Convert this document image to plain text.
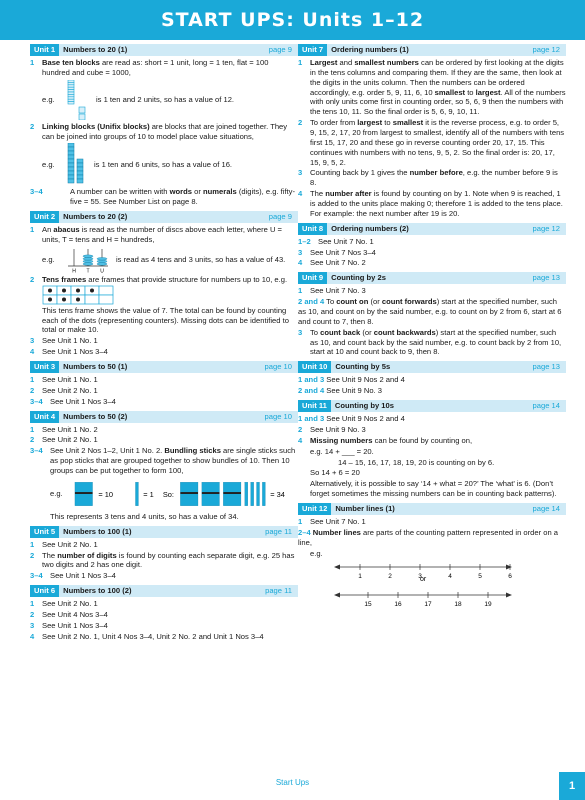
START UPS: Units 1–12
Unit 1	Numbers to 20 (1)	page 9
1	Base ten blocks are read as: short = 1 unit, long = 1 ten, flat = 100 hundred and cube = 1000,
e.g.	is 1 ten and 2 units, so has a value of 12.
2	Linking blocks (Unifix blocks) are blocks that are joined together. They can be joined into groups of 10 to model place value situations,
e.g.	is 1 ten and 6 units, so has a value of 16.
3–4	A number can be written with words or numerals (digits), e.g. fifty-five = 55. See Number List on page 8.
Unit 2	Numbers to 20 (2)	page 9
1	An abacus is read as the number of discs above each letter, where U = units, T = tens and H = hundreds,
e.g.
H T U
is read as 4 tens and 3 units, so has a value of 43.
2	Tens frames are frames that provide structure for numbers up to 10, e.g.
This tens frame shows the value of 7. The total can be found by counting each of the dots (representing counters). Missing dots can be identified to total or make 10.
3	See Unit 1 No. 1
4	See Unit 1 Nos 3–4
Unit 3	Numbers to 50 (1)	page 10
1	See Unit 1 No. 1
2	See Unit 2 No. 1
3–4 See Unit 1 Nos 3–4
Unit 4	Numbers to 50 (2)	page 10
1	See Unit 1 No. 2
2	See Unit 2 No. 1
3–4 See Unit 2 Nos 1–2, Unit 1 No. 2. Bundling sticks are single sticks such as pop sticks that are grouped together to show bundles of 10. Then 10 groups can be put together to form 100,
e.g.	= 10	= 1 So:	= 34
This represents 3 tens and 4 units, so has a value of 34.
Unit 5	Numbers to 100 (1)	page 11
1	See Unit 2 No. 1
2	The number of digits is found by counting each separate digit, e.g. 25 has two digits and 2 has one digit.
3–4 See Unit 1 Nos 3–4
Unit 6	Numbers to 100 (2)	page 11
1	See Unit 2 No. 1
2	See Unit 4 Nos 3–4
3	See Unit 1 Nos 3–4
4	See Unit 2 No. 1, Unit 4 Nos 3–4, Unit 2 No. 2 and Unit 1 Nos 3–4
Unit 7	Ordering numbers (1)	page 12
1	Largest and smallest numbers can be ordered by first looking at the digits in the tens columns and comparing them. If they are the same, then look at the digits in the units column. Then the numbers can be ordered accordingly, e.g. order 5, 9, 11, 6, 10 smallest to largest. All of the numbers with only units come first in counting order, so 5, 6, 9 then the numbers with the tens 10, 11. So the final order is 5, 6, 9, 10, 11.
2	To order from largest to smallest it is the reverse process, e.g. to order 5, 9, 15, 2, 17, 20 from largest to smallest, identify all of the numbers with tens first 15, 17, 20 and these go in reverse counting order 20, 17, 15. This continues with numbers with no tens, 9, 5, 2. So the final order is: 20, 17, 15, 9, 5, 2.
3	Counting back by 1 gives the number before, e.g. the number before 9 is 8.
4	The number after is found by counting on by 1. Note when 9 is reached, 1 is added to the units place making 0; therefore 1 is added to the tens place. For example: the next number after 19 is 20.
Unit 8	Ordering numbers (2)	page 12
1–2 See Unit 7 No. 1
3	See Unit 7 Nos 3–4
4	See Unit 7 No. 2
Unit 9	Counting by 2s	page 13
1	See Unit 7 No. 3
2 and 4 To count on (or count forwards) start at the specified number, such as 10, and count on by the said number, e.g. to count on by 2 from 6, start at 6 and count to 7, then 8.
3	To count back (or count backwards) start at the specified number, such as 10, and count back by the said number, e.g. to count back by 2 from 10, start at 10 and count back to 9, then 8.
Unit 10	Counting by 5s	page 13
1 and 3 See Unit 9 Nos 2 and 4
2 and 4 See Unit 9 No. 3
Unit 11	Counting by 10s	page 14
1 and 3 See Unit 9 Nos 2 and 4
2	See Unit 9 No. 3
4	Missing numbers can be found by counting on,
e.g. 14 + ___ = 20.
14 – 15, 16, 17, 18, 19, 20 is counting on by 6.
So 14 + 6 = 20
Alternatively, it is possible to say ‘14 + what = 20?’ The ‘what’ is 6. (Don’t forget sometimes the missing numbers can be in counting back patterns).
Unit 12	Number lines (1)	page 14
1	See Unit 7 No. 1
2–4 Number lines are parts of the counting pattern represented in order on a line,
e.g.
1	2	3	4	5	6
15	16	17	18	19
or
Start Ups	1
